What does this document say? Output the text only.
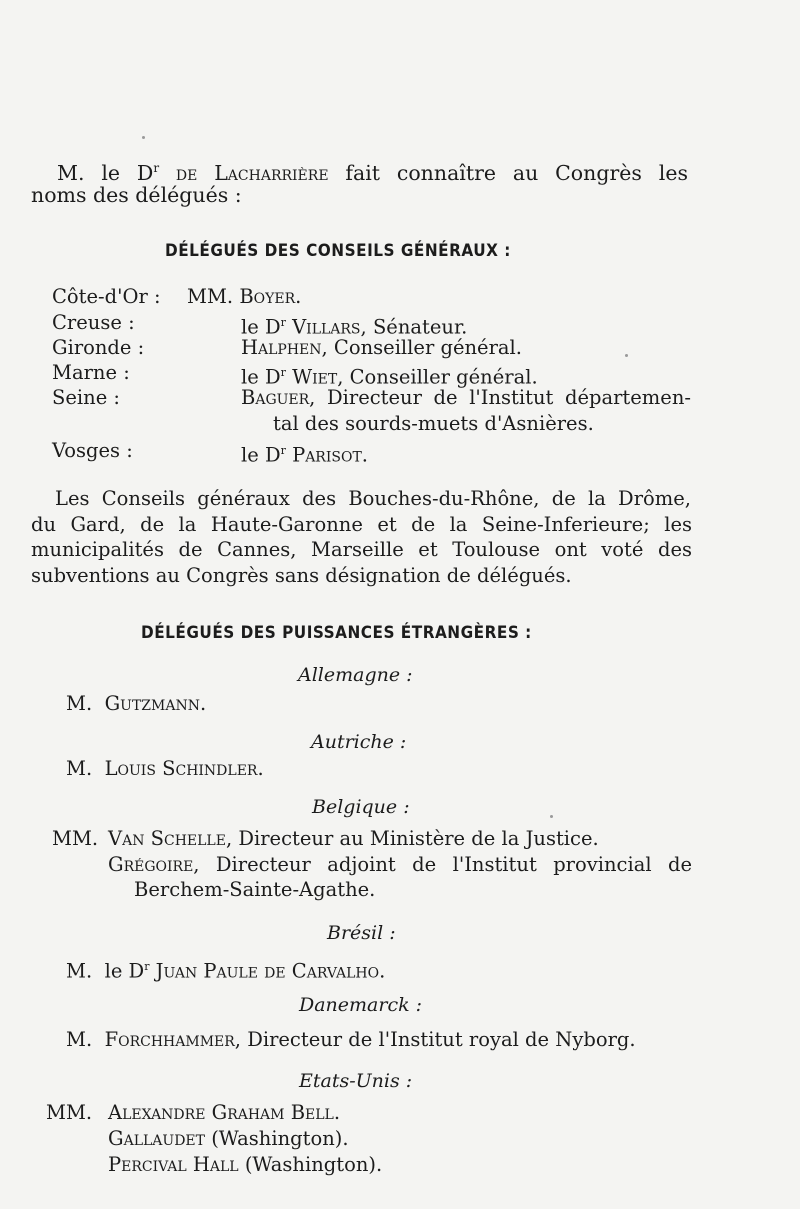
M. le $D^r$ de Lacharrière fait connaître au Congrès les
noms des délégués :
DÉLÉGUÉS DES CONSEILS GÉNÉRAUX :
Côte-d'Or : MM. Boyer.
Creuse :	le $D^r$ Villars, Sénateur.
Gironde :	Halphen, Conseiller général.
Marne :	le $D^r$ Wiet, Conseiller général.
Seine :	Baguer, Directeur de l'Institut départemen-
tal des sourds-muets d'Asnières.
Vosges :	le $D^r$ Parisot.
Les Conseils généraux des Bouches-du-Rhône, de la Drôme,
du Gard, de la Haute-Garonne et de la Seine-Inferieure; les
municipalités de Cannes, Marseille et Toulouse ont voté des
subventions au Congrès sans désignation de délégués.
DÉLÉGUÉS DES PUISSANCES ÉTRANGÈRES :
Allemagne :
M. Gutzmann.
Autriche :
M. Louis Schindler.
Belgique :
MM. Van Schelle, Directeur au Ministère de la Justice.
Grégoire, Directeur adjoint de l'Institut provincial de
Berchem-Sainte-Agathe.
Brésil :
M. le $D^r$ Juan Paule de Carvalho.
Danemarck :
M. Forchhammer, Directeur de l'Institut royal de Nyborg.
Etats-Unis :
MM. Alexandre Graham Bell.
Gallaudet (Washington).
Percival Hall (Washington).
